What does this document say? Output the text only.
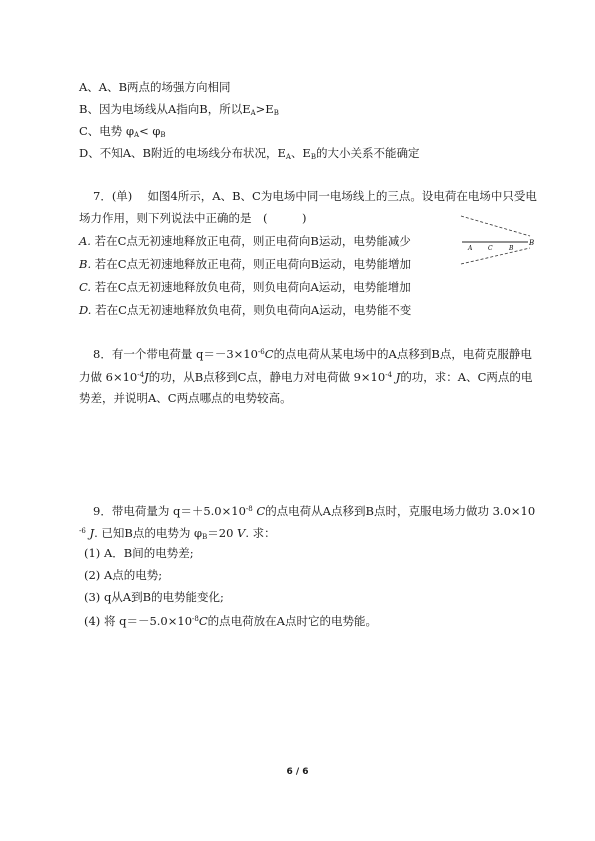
A、A、B两点的场强方向相同
B、因为电场线从A指向B，所以$E_A>E_B$
C、电势 $\varphi_A< \varphi_B$
D、不知A、B附近的电场线分布状况，$E_A$、$E_B$的大小关系不能确定
7．(单)　 如图4所示，A、B、C为电场中同一电场线上的三点。设电荷在电场中只受电
场力作用，则下列说法中正确的是　(　　　)
A. 若在C点无初速地释放正电荷，则正电荷向B运动，电势能减少
B. 若在C点无初速地释放正电荷，则正电荷向B运动，电势能增加
C. 若在C点无初速地释放负电荷，则负电荷向A运动，电势能增加
D. 若在C点无初速地释放负电荷，则负电荷向A运动，电势能不变
A	C	B
B
8．有一个带电荷量 $q=-3\times 10^{-6}C$的点电荷从某电场中的A点移到B点，电荷克服静电
力做 $6\times 10^{-4}J$的功，从B点移到C点，静电力对电荷做 $9\times 10^{-4}$ J的功，求：A、C两点的电
势差，并说明A、C两点哪点的电势较高。
9．带电荷量为 $q=+5.0\times 10^{-8}$ C的点电荷从A点移到B点时，克服电场力做功 3.0×10
$^{-6}$ J. 已知B点的电势为 $\varphi_B=20$ V. 求：
(1) A．B间的电势差;
(2) A点的电势;
(3) q从A到B的电势能变化;
(4) 将 $q=-5.0\times 10^{-8}C$的点电荷放在A点时它的电势能。
6 / 6
